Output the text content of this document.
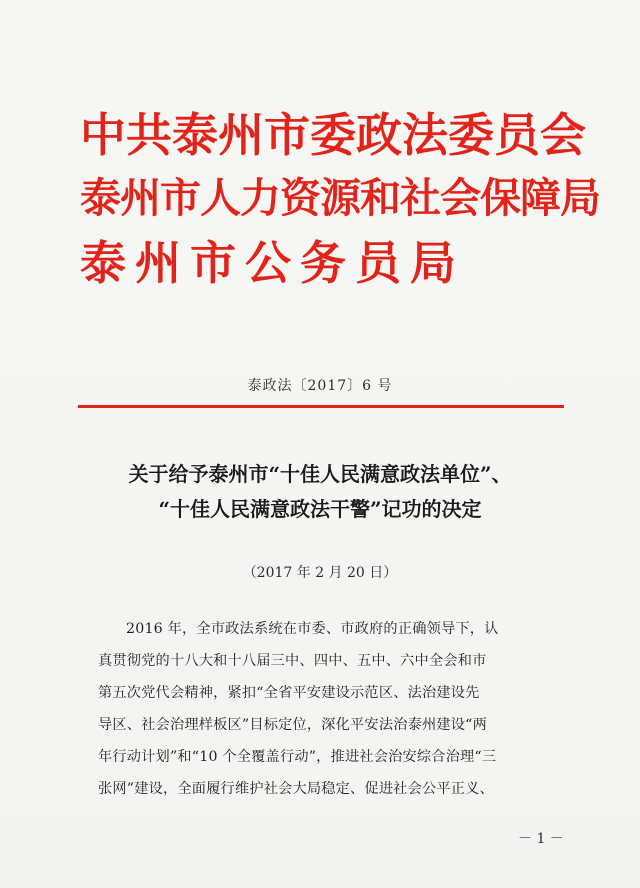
中共泰州市委政法委员会
泰州市人力资源和社会保障局
泰州市公务员局
泰政法〔2017〕6 号
关于给予泰州市“十佳人民满意政法单位”、
“十佳人民满意政法干警”记功的决定
（2017 年 2 月 20 日）
2016 年，全市政法系统在市委、市政府的正确领导下，认
真贯彻党的十八大和十八届三中、四中、五中、六中全会和市
第五次党代会精神，紧扣“全省平安建设示范区、法治建设先
导区、社会治理样板区”目标定位，深化平安法治泰州建设“两
年行动计划”和“10 个全覆盖行动”，推进社会治安综合治理“三
张网”建设，全面履行维护社会大局稳定、促进社会公平正义、
－ 1 －
